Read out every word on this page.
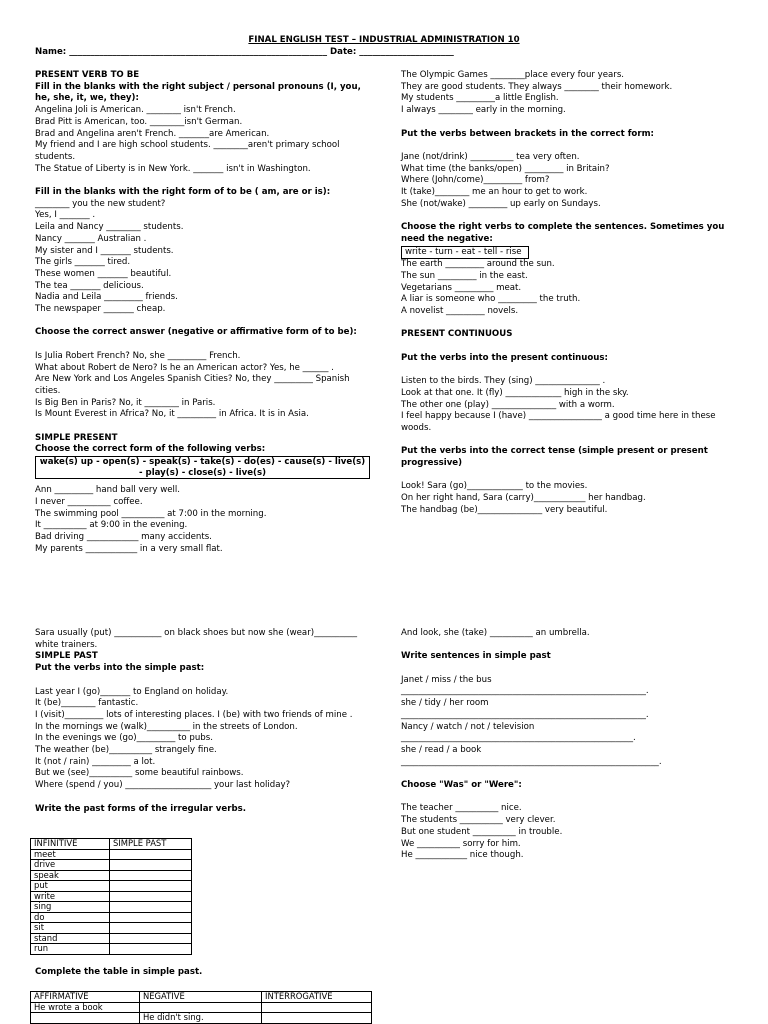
FINAL ENGLISH TEST – INDUSTRIAL ADMINISTRATION 10
Name: ____________________________________________________________ Date: ______________________

PRESENT VERB TO BE

Fill in the blanks with the right subject / personal pronouns (I, you, he, she, it, we, they):

Angelina Joli is American. ________ isn't French.

Brad Pitt is American, too. ________isn't German.

Brad and Angelina aren't French. _______are American.

My friend and I are high school students. ________aren't primary school students.

The Statue of Liberty is in New York. _______ isn't in Washington.

Fill in the blanks with the right form of to be ( am, are or is):

________ you the new student?

Yes, I _______ .

Leila and Nancy ________ students.

Nancy _______ Australian .

My sister and I _______ students.

The girls _______ tired.

These women _______ beautiful.

The tea _______ delicious.

Nadia and Leila _________ friends.

The newspaper _______ cheap.

Choose the correct answer (negative or affirmative form of to be):

Is Julia Robert French? No, she _________ French.

What about Robert de Nero? Is he an American actor? Yes, he ______ .

Are New York and Los Angeles Spanish Cities? No, they _________ Spanish cities.

Is Big Ben in Paris? No, it ________ in Paris.

Is Mount Everest in Africa? No, it _________ in Africa. It is in Asia.

SIMPLE PRESENT

Choose the correct form of the following verbs:

wake(s) up - open(s) - speak(s) - take(s) - do(es) - cause(s) - live(s) - play(s) - close(s) - live(s)

Ann _________ hand ball very well.

I never __________ coffee.

The swimming pool __________ at 7:00 in the morning.

It __________ at 9:00 in the evening.

Bad driving ____________ many accidents.

My parents ____________ in a very small flat.

The Olympic Games ________place every four years.

They are good students. They always ________ their homework.

My students _________a little English.

I always ________ early in the morning.

Put the verbs between brackets in the correct form:

Jane (not/drink) __________ tea very often.

What time (the banks/open) _________ in Britain?

Where (John/come)_________ from?

It (take)________ me an hour to get to work.

She (not/wake) _________ up early on Sundays.

Choose the right verbs to complete the sentences. Sometimes you need the negative:

write - turn - eat - tell - rise

The earth _________ around the sun.

The sun _________ in the east.

Vegetarians _________ meat.

A liar is someone who _________ the truth.

A novelist _________ novels.

PRESENT CONTINUOUS

Put the verbs into the present continuous:

Listen to the birds. They (sing) _______________ .

Look at that one. It (fly) _____________ high in the sky.

The other one (play) _______________ with a worm.

I feel happy because I (have) _________________ a good time here in these woods.

Put the verbs into the correct tense (simple present or present progressive)

Look! Sara (go)_____________ to the movies.

On her right hand, Sara (carry)____________ her handbag.

The handbag (be)_______________ very beautiful.

Sara usually (put) ___________ on black shoes but now she (wear)__________ white trainers.

SIMPLE PAST

Put the verbs into the simple past:

Last year I (go)_______ to England on holiday.

It (be)________ fantastic.

I (visit)_________ lots of interesting places. I (be) with two friends of mine .

In the mornings we (walk)__________ in the streets of London.

In the evenings we (go)_________ to pubs.

The weather (be)__________ strangely fine.

It (not / rain) _________ a lot.

But we (see)__________ some beautiful rainbows.

Where (spend / you) ____________________ your last holiday?

Write the past forms of the irregular verbs.

And look, she (take) __________ an umbrella.

Write sentences in simple past

Janet / miss / the bus

_________________________________________________________.

she / tidy / her room

_________________________________________________________.

Nancy / watch / not / television

______________________________________________________.

she / read / a book

____________________________________________________________.

Choose "Was" or "Were":

The teacher __________ nice.

The students __________ very clever.

But one student __________ in trouble.

We __________ sorry for him.

He ____________ nice though.

INFINITIVE	SIMPLE PAST
meet	
drive	
speak	
put	
write	
sing	
do	
sit	
stand	
run	
Complete the table in simple past.
AFFIRMATIVE	NEGATIVE	INTERROGATIVE
He wrote a book		
	He didn't sing.	
